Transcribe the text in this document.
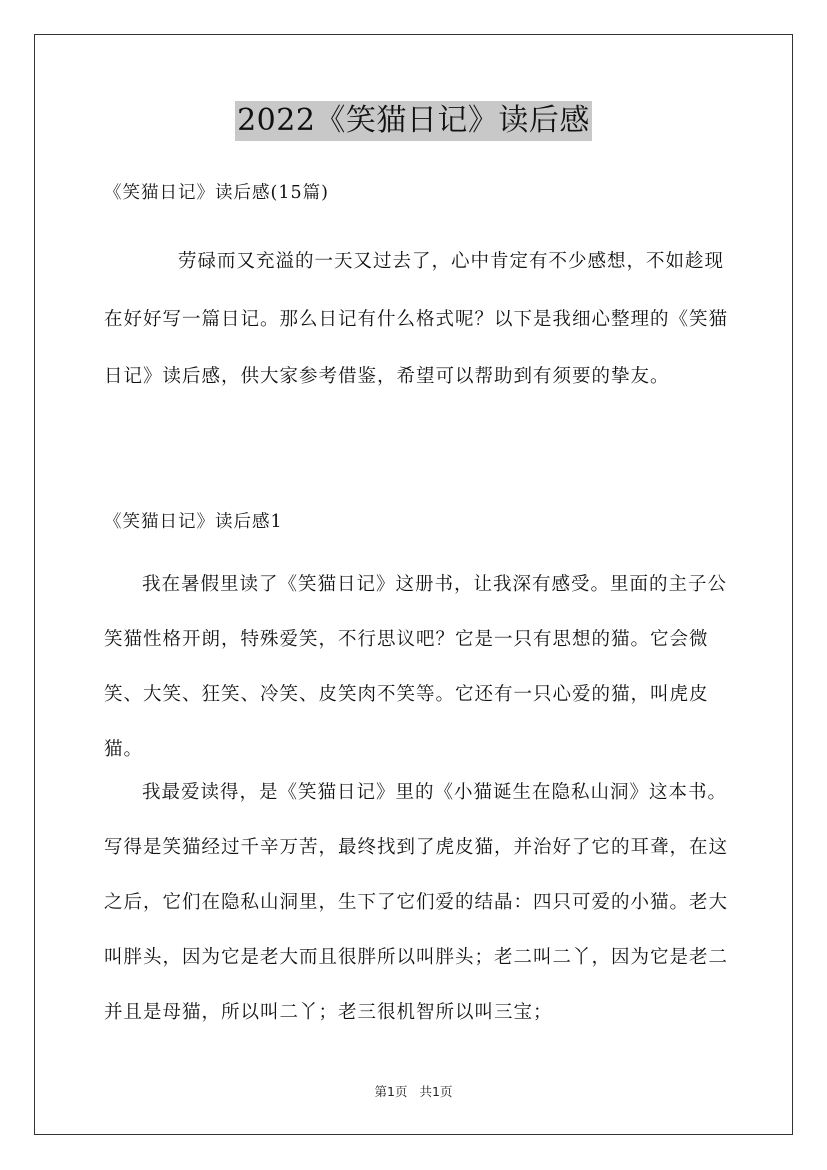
2022《笑猫日记》读后感
《笑猫日记》读后感(15篇)
劳碌而又充溢的一天又过去了，心中肯定有不少感想，不如趁现在好好写一篇日记。那么日记有什么格式呢？以下是我细心整理的《笑猫日记》读后感，供大家参考借鉴，希望可以帮助到有须要的挚友。
《笑猫日记》读后感1
我在暑假里读了《笑猫日记》这册书，让我深有感受。里面的主子公笑猫性格开朗，特殊爱笑，不行思议吧？它是一只有思想的猫。它会微笑、大笑、狂笑、冷笑、皮笑肉不笑等。它还有一只心爱的猫，叫虎皮猫。
我最爱读得，是《笑猫日记》里的《小猫诞生在隐私山洞》这本书。写得是笑猫经过千辛万苦，最终找到了虎皮猫，并治好了它的耳聋，在这之后，它们在隐私山洞里，生下了它们爱的结晶：四只可爱的小猫。老大叫胖头，因为它是老大而且很胖所以叫胖头；老二叫二丫，因为它是老二并且是母猫，所以叫二丫；老三很机智所以叫三宝；
第1页 共1页
